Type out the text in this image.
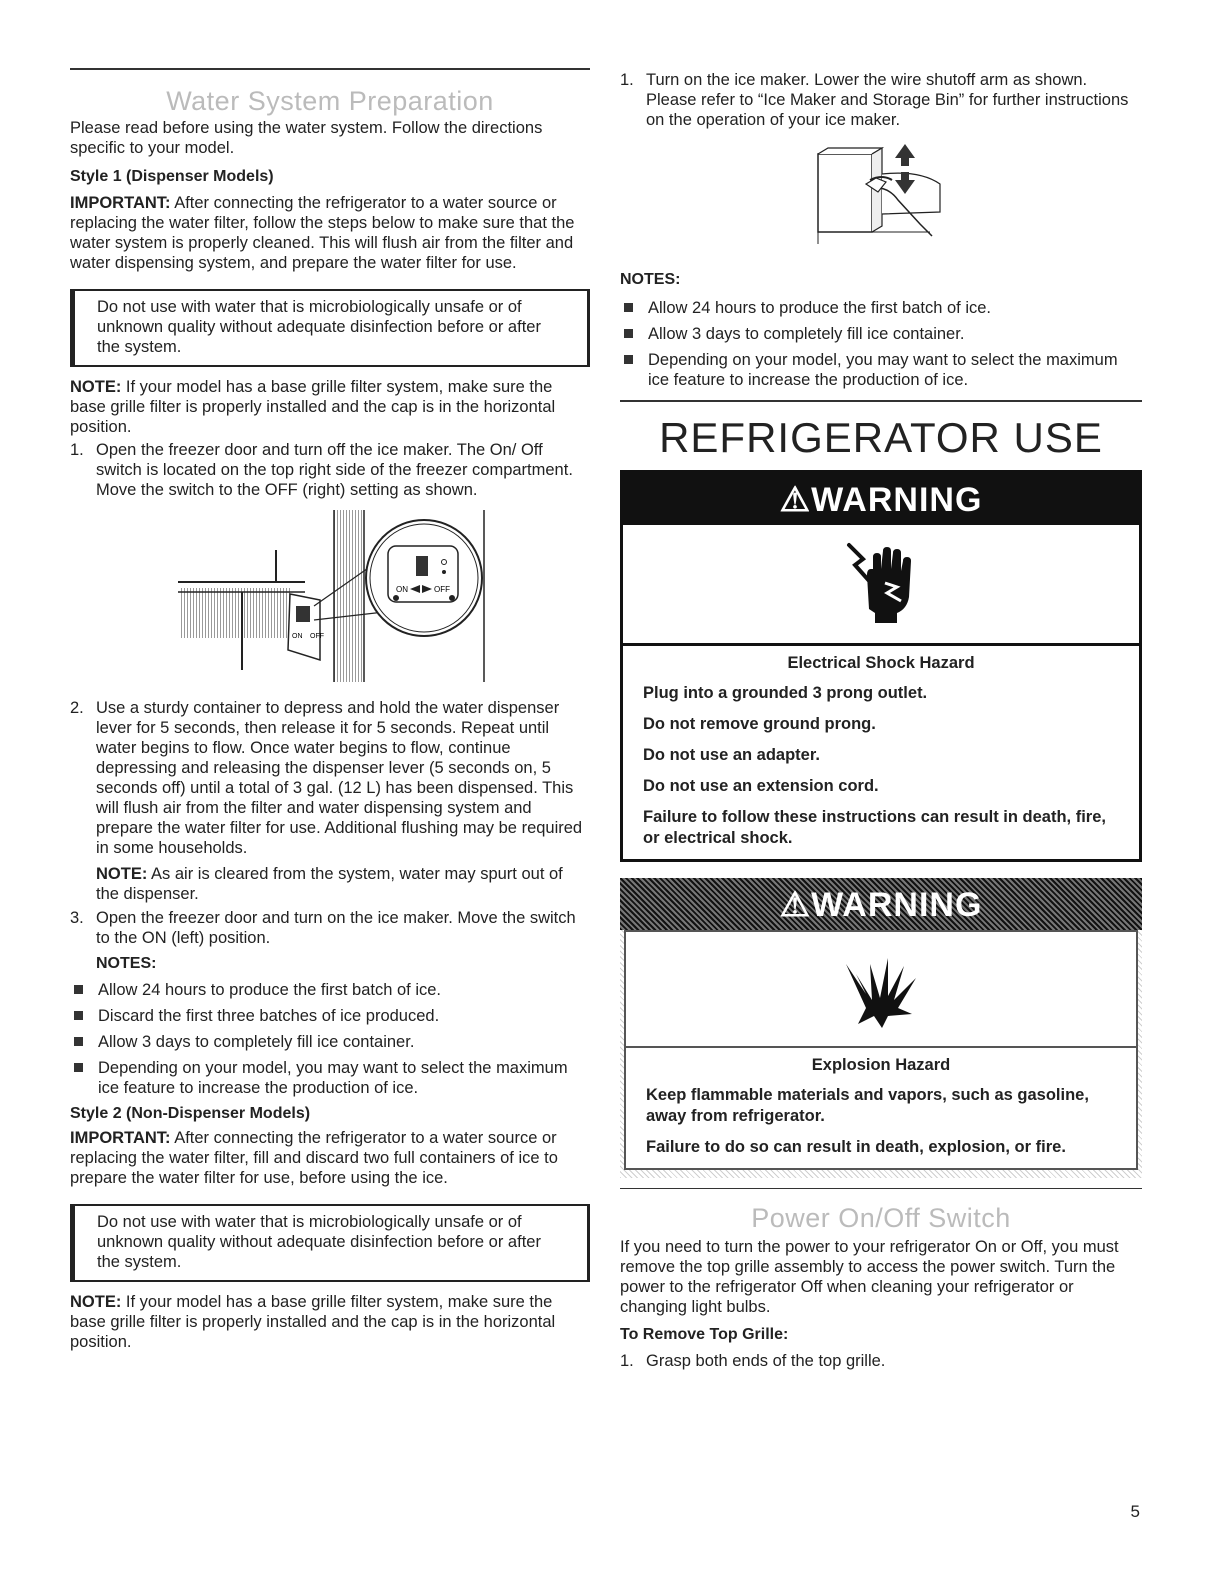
Water System Preparation

Please read before using the water system. Follow the directions specific to your model.

Style 1 (Dispenser Models)

IMPORTANT: After connecting the refrigerator to a water source or replacing the water filter, follow the steps below to make sure that the water system is properly cleaned. This will flush air from the filter and water dispensing system, and prepare the water filter for use.

Do not use with water that is microbiologically unsafe or of unknown quality without adequate disinfection before or after the system.

NOTE: If your model has a base grille filter system, make sure the base grille filter is properly installed and the cap is in the horizontal position.

1. Open the freezer door and turn off the ice maker. The On/ Off switch is located on the top right side of the freezer compartment. Move the switch to the OFF (right) setting as shown.
ON OFF
ON	OFF
2. Use a sturdy container to depress and hold the water dispenser lever for 5 seconds, then release it for 5 seconds. Repeat until water begins to flow. Once water begins to flow, continue depressing and releasing the dispenser lever (5 seconds on, 5 seconds off) until a total of 3 gal. (12 L) has been dispensed. This will flush air from the filter and water dispensing system and prepare the water filter for use. Additional flushing may be required in some households.

NOTE: As air is cleared from the system, water may spurt out of the dispenser.

3. Open the freezer door and turn on the ice maker. Move the switch to the ON (left) position.

NOTES:

Allow 24 hours to produce the first batch of ice.
Discard the first three batches of ice produced.
Allow 3 days to completely fill ice container.
Depending on your model, you may want to select the maximum ice feature to increase the production of ice.

Style 2 (Non-Dispenser Models)

IMPORTANT: After connecting the refrigerator to a water source or replacing the water filter, fill and discard two full containers of ice to prepare the water filter for use, before using the ice.

Do not use with water that is microbiologically unsafe or of unknown quality without adequate disinfection before or after the system.

NOTE: If your model has a base grille filter system, make sure the base grille filter is properly installed and the cap is in the horizontal position.

1. Turn on the ice maker. Lower the wire shutoff arm as shown. Please refer to “Ice Maker and Storage Bin” for further instructions on the operation of your ice maker.

NOTES:

Allow 24 hours to produce the first batch of ice.
Allow 3 days to completely fill ice container.
Depending on your model, you may want to select the maximum ice feature to increase the production of ice.
REFRIGERATOR USE
⚠WARNING
Electrical Shock Hazard

Plug into a grounded 3 prong outlet.

Do not remove ground prong.

Do not use an adapter.

Do not use an extension cord.

Failure to follow these instructions can result in death, fire, or electrical shock.

⚠WARNING
Explosion Hazard

Keep flammable materials and vapors, such as gasoline, away from refrigerator.

Failure to do so can result in death, explosion, or fire.

Power On/Off Switch

If you need to turn the power to your refrigerator On or Off, you must remove the top grille assembly to access the power switch. Turn the power to the refrigerator Off when cleaning your refrigerator or changing light bulbs.

To Remove Top Grille:

1. Grasp both ends of the top grille.
5
